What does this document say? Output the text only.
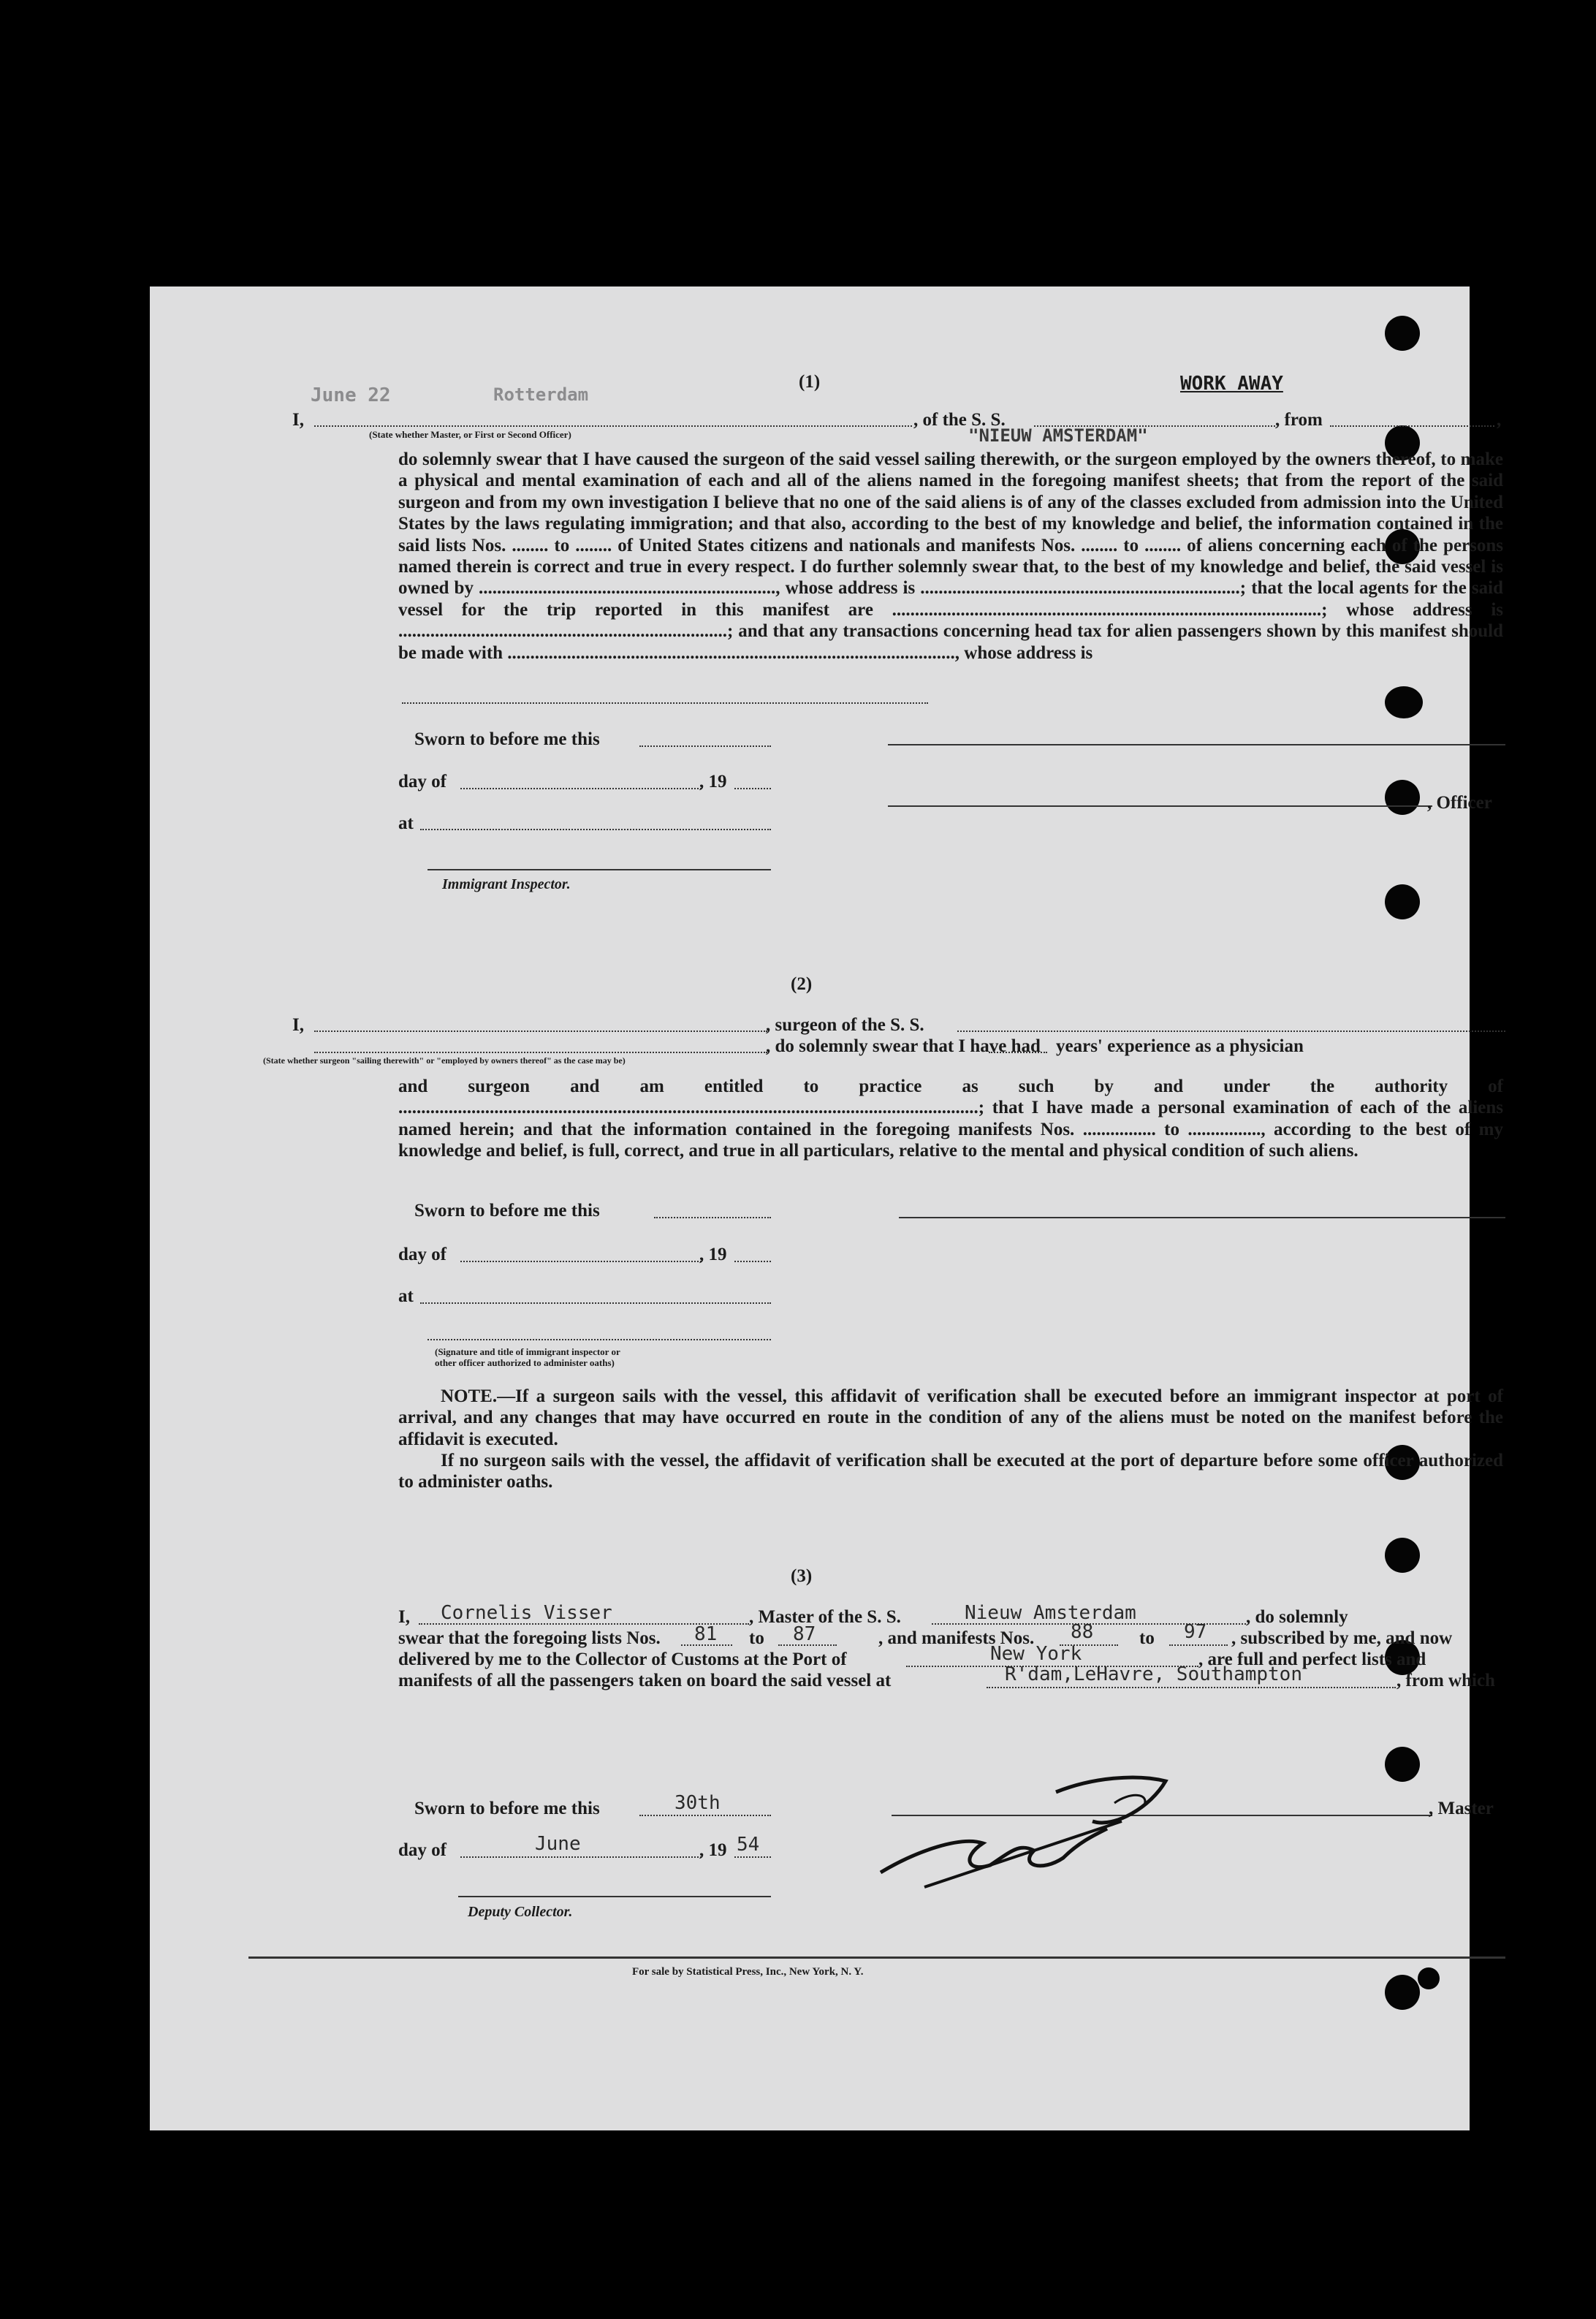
Rotterdam
June 22
"NIEUW AMSTERDAM"
WORK AWAY
(1)
I,	, of the S. S.	, from	,
(State whether Master, or First or Second Officer)
do solemnly swear that I have caused the surgeon of the said vessel sailing therewith, or the surgeon employed by the owners thereof, to make a physical and mental examination of each and all of the aliens named in the foregoing manifest sheets; that from the report of the said surgeon and from my own investigation I believe that no one of the said aliens is of any of the classes excluded from admission into the United States by the laws regulating immigration; and that also, according to the best of my knowledge and belief, the information contained in the said lists Nos. ........ to ........ of United States citizens and nationals and manifests Nos. ........ to ........ of aliens concerning each of the persons named therein is correct and true in every respect. I do further solemnly swear that, to the best of my knowledge and belief, the said vessel is owned by ................................................................., whose address is ......................................................................; that the local agents for the said vessel for the trip reported in this manifest are ..............................................................................................; whose address is ........................................................................; and that any transactions concerning head tax for alien passengers shown by this manifest should be made with .................................................................................................., whose address is
Sworn to before me this
day of	, 19
, Officer
at
Immigrant Inspector.
(2)
I,	, surgeon of the S. S.
, do solemnly swear that I have had years' experience as a physician
(State whether surgeon "sailing therewith" or "employed by owners thereof" as the case may be)
and surgeon and am entitled to practice as such by and under the authority of ...............................................................................................................................; that I have made a personal examination of each of the aliens named herein; and that the information contained in the foregoing manifests Nos. ................ to ................, according to the best of my knowledge and belief, is full, correct, and true in all particulars, relative to the mental and physical condition of such aliens.
Sworn to before me this
day of	, 19
at
(Signature and title of immigrant inspector or
other officer authorized to administer oaths)
NOTE.—If a surgeon sails with the vessel, this affidavit of verification shall be executed before an immigrant inspector at port of arrival, and any changes that may have occurred en route in the condition of any of the aliens must be noted on the manifest before the affidavit is executed.
If no surgeon sails with the vessel, the affidavit of verification shall be executed at the port of departure before some officer authorized to administer oaths.
(3)
I, Cornelis Visser	, Master of the S. S.	Nieuw Amsterdam	, do solemnly
swear that the foregoing lists Nos. 81 to 87	, and manifests Nos. 88	to 97 , subscribed by me, and now
delivered by me to the Collector of Customs at the Port of	New York	, are full and perfect lists and
manifests of all the passengers taken on board the said vessel at	R'dam,LeHavre, Southampton	, from which
Sworn to before me this	30th	, Master
day of	June	, 19 54
Deputy Collector.
For sale by Statistical Press, Inc., New York, N. Y.
